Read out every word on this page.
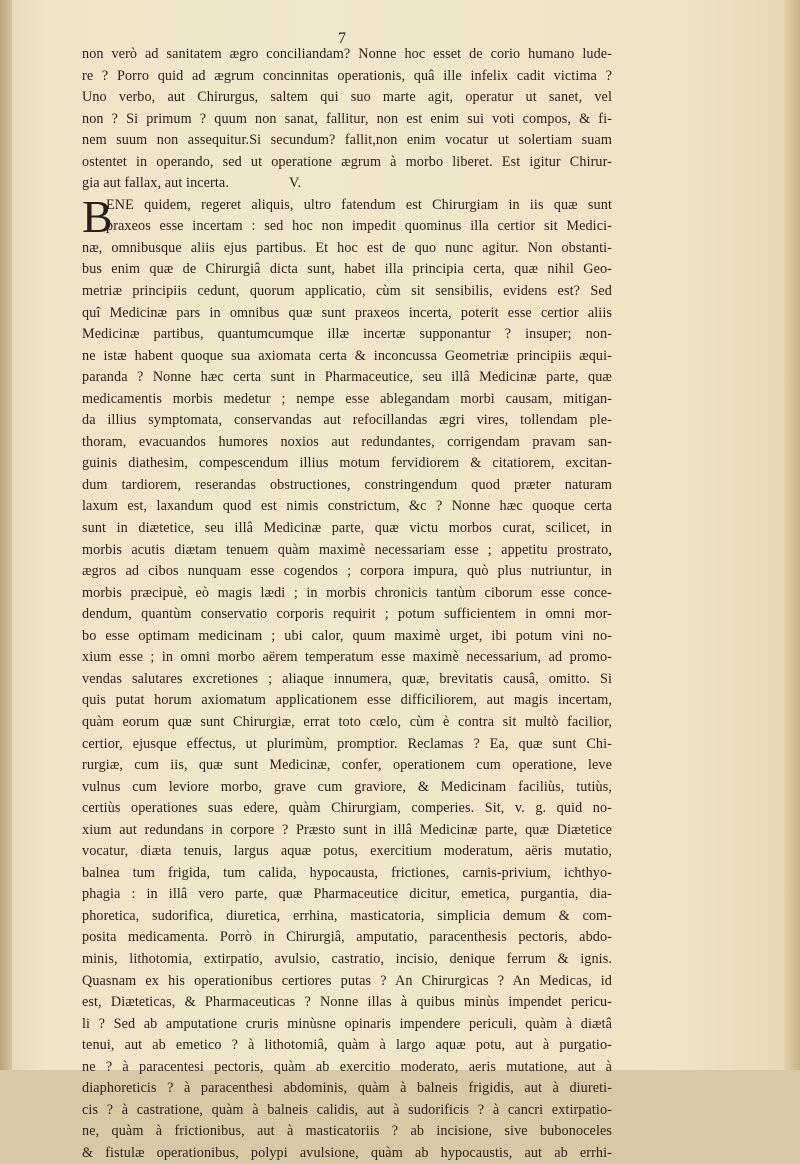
7
non verò ad sanitatem ægro conciliandam? Nonne hoc esset de corio humano lude-
re ? Porro quid ad ægrum concinnitas operationis, quâ ille infelix cadit victima ?
Uno verbo, aut Chirurgus, saltem qui suo marte agit, operatur ut sanet, vel
non ? Si primum ? quum non sanat, fallitur, non est enim sui voti compos, & fi-
nem suum non assequitur.Si secundum? fallit,non enim vocatur ut solertiam suam
ostentet in operando, sed ut operatione ægrum à morbo liberet. Est igitur Chirur-
gia aut fallax, aut incerta.	V.
B
ENE quidem, regeret aliquis, ultro fatendum est Chirurgiam in iis quæ sunt
praxeos esse incertam : sed hoc non impedit quominus illa certior sit Medici-
næ, omnibusque aliis ejus partibus. Et hoc est de quo nunc agitur. Non obstanti-
bus enim quæ de Chirurgiâ dicta sunt, habet illa principia certa, quæ nihil Geo-
metriæ principiis cedunt, quorum applicatio, cùm sit sensibilis, evidens est? Sed
quî Medicinæ pars in omnibus quæ sunt praxeos incerta, poterit esse certior aliis
Medicinæ partibus, quantumcumque illæ incertæ supponantur ? insuper; non-
ne istæ habent quoque sua axiomata certa & inconcussa Geometriæ principiis æqui-
paranda ? Nonne hæc certa sunt in Pharmaceutice, seu illâ Medicinæ parte, quæ
medicamentis morbis medetur ; nempe esse ablegandam morbi causam, mitigan-
da illius symptomata, conservandas aut refocillandas ægri vires, tollendam ple-
thoram, evacuandos humores noxios aut redundantes, corrigendam pravam san-
guinis diathesim, compescendum illius motum fervidiorem & citatiorem, excitan-
dum tardiorem, reserandas obstructiones, constringendum quod præter naturam
laxum est, laxandum quod est nimis constrictum, &c ? Nonne hæc quoque certa
sunt in diætetice, seu illâ Medicinæ parte, quæ victu morbos curat, scilicet, in
morbis acutis diætam tenuem quàm maximè necessariam esse ; appetitu prostrato,
ægros ad cibos nunquam esse cogendos ; corpora impura, quò plus nutriuntur, in
morbis præcipuè, eò magis lædi ; in morbis chronicis tantùm ciborum esse conce-
dendum, quantùm conservatio corporis requirit ; potum sufficientem in omni mor-
bo esse optimam medicinam ; ubi calor, quum maximè urget, ibi potum vini no-
xium esse ; in omni morbo aërem temperatum esse maximè necessarium, ad promo-
vendas salutares excretiones ; aliaque innumera, quæ, brevitatis causâ, omitto. Si
quis putat horum axiomatum applicationem esse difficiliorem, aut magis incertam,
quàm eorum quæ sunt Chirurgiæ, errat toto cœlo, cùm è contra sit multò facilior,
certior, ejusque effectus, ut plurimùm, promptior. Reclamas ? Ea, quæ sunt Chi-
rurgiæ, cum iis, quæ sunt Medicinæ, confer, operationem cum operatione, leve
vulnus cum leviore morbo, grave cum graviore, & Medicinam faciliùs, tutiùs,
certiùs operationes suas edere, quàm Chirurgiam, comperies. Sit, v. g. quid no-
xium aut redundans in corpore ? Præsto sunt in illâ Medicinæ parte, quæ Diætetice
vocatur, diæta tenuis, largus aquæ potus, exercitium moderatum, aëris mutatio,
balnea tum frigida, tum calida, hypocausta, frictiones, carnis-privium, ichthyo-
phagia : in illâ vero parte, quæ Pharmaceutice dicitur, emetica, purgantia, dia-
phoretica, sudorifica, diuretica, errhina, masticatoria, simplicia demum & com-
posita medicamenta. Porrò in Chirurgiâ, amputatio, paracenthesis pectoris, abdo-
minis, lithotomia, extirpatio, avulsio, castratio, incisio, denique ferrum & ignis.
Quasnam ex his operationibus certiores putas ? An Chirurgicas ? An Medicas, id
est, Diæteticas, & Pharmaceuticas ? Nonne illas à quibus minùs impendet pericu-
li ? Sed ab amputatione cruris minùsne opinaris impendere periculi, quàm à diætâ
tenui, aut ab emetico ? à lithotomiâ, quàm à largo aquæ potu, aut à purgatio-
ne ? à paracentesi pectoris, quàm ab exercitio moderato, aeris mutatione, aut à
diaphoreticis ? à paracenthesi abdominis, quàm à balneis frigidis, aut à diureti-
cis ? à castratione, quàm à balneis calidis, aut à sudorificis ? à cancri extirpatio-
ne, quàm à frictionibus, aut à masticatoriis ? ab incisione, sive bubonoceles
& fistulæ operationibus, polypi avulsione, quàm ab hypocaustis, aut ab errhi-
